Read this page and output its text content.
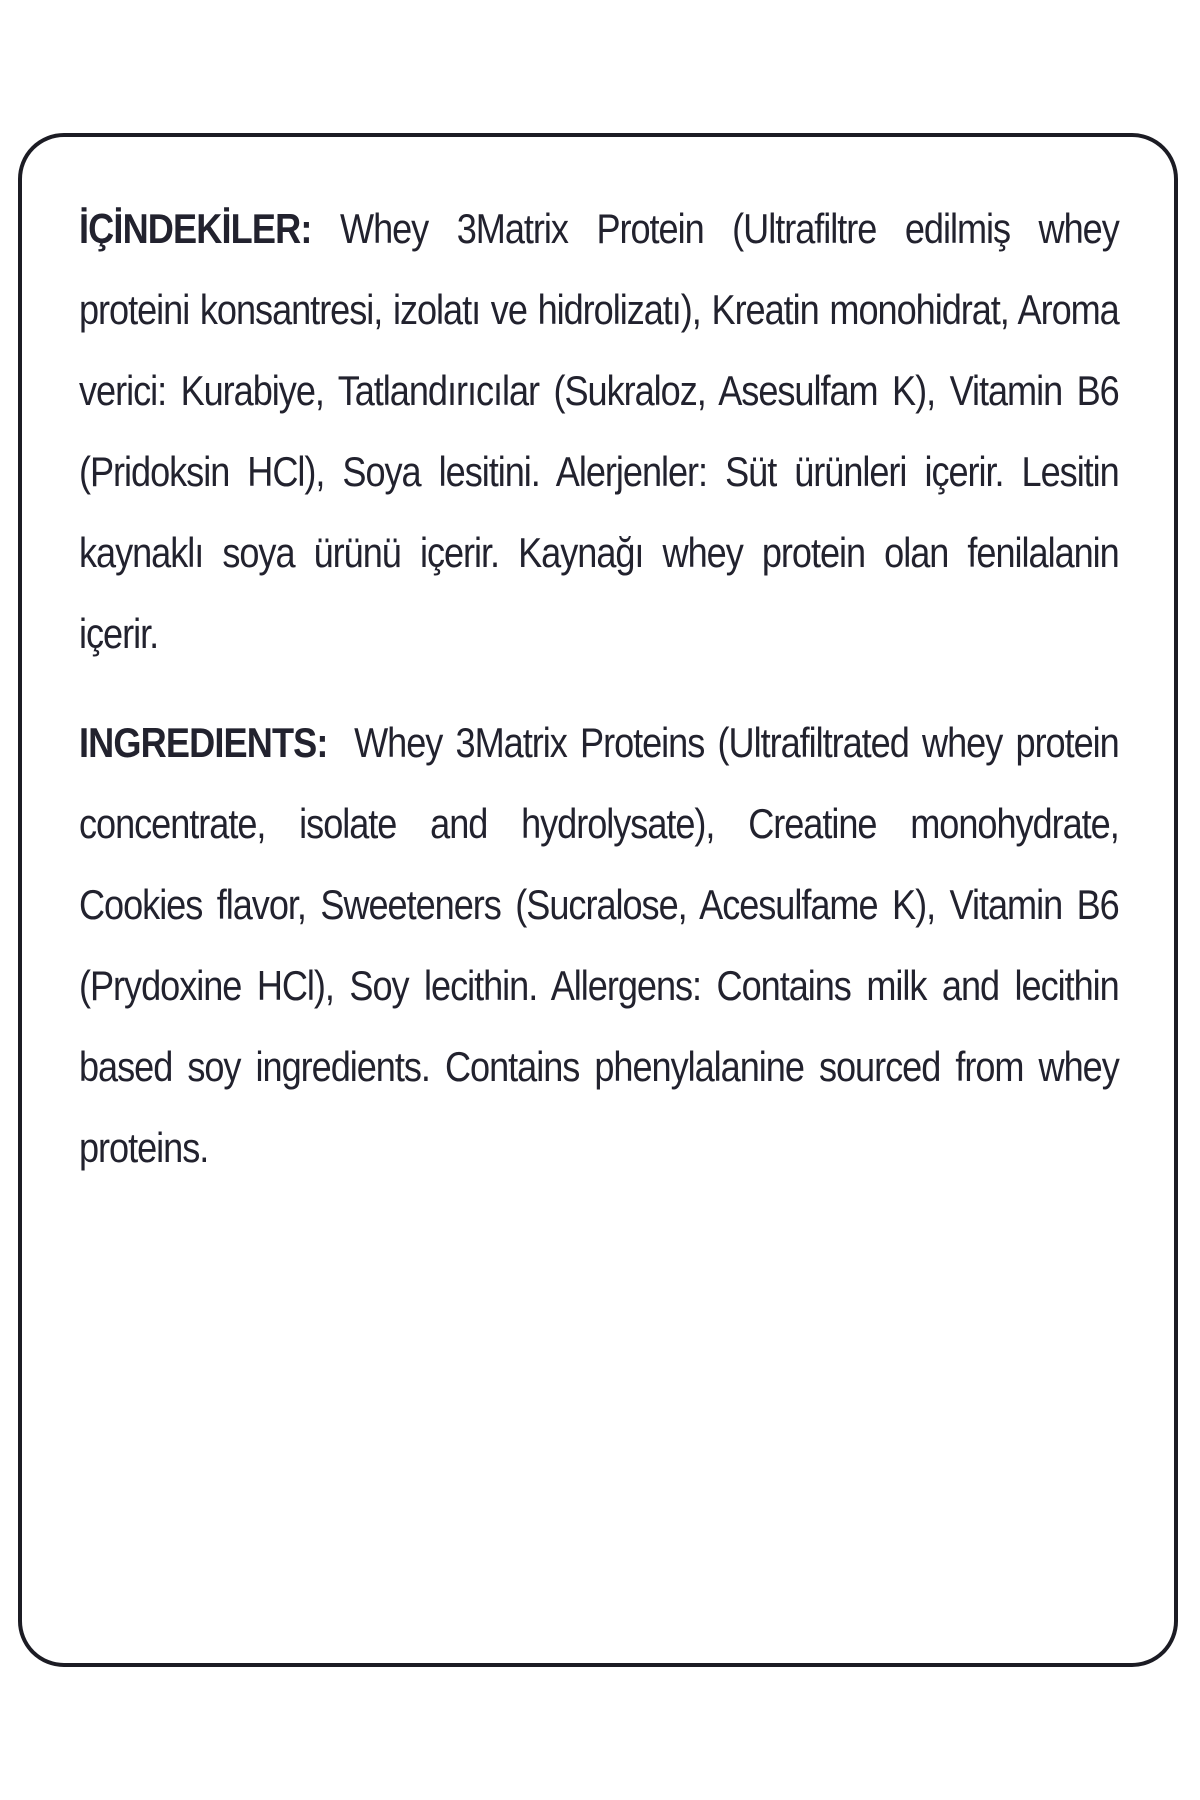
İÇİNDEKİLER: Whey 3Matrix Protein (Ultrafiltre edilmiş whey proteini konsantresi, izolatı ve hidrolizatı), Kreatin monohidrat, Aroma verici: Kurabiye, Tatlandırıcılar (Sukraloz, Asesulfam K), Vitamin B6 (Pridoksin HCl), Soya lesitini. Alerjenler: Süt ürünleri içerir. Lesitin kaynaklı soya ürünü içerir. Kaynağı whey protein olan fenilalanin içerir.

INGREDIENTS:  Whey 3Matrix Proteins (Ultrafiltrated whey protein concentrate, isolate and hydrolysate), Creatine monohydrate, Cookies flavor, Sweeteners (Sucralose, Acesulfame K), Vitamin B6 (Prydoxine HCl), Soy lecithin. Allergens: Contains milk and lecithin based soy ingredients. Contains phenylalanine sourced from whey proteins.
